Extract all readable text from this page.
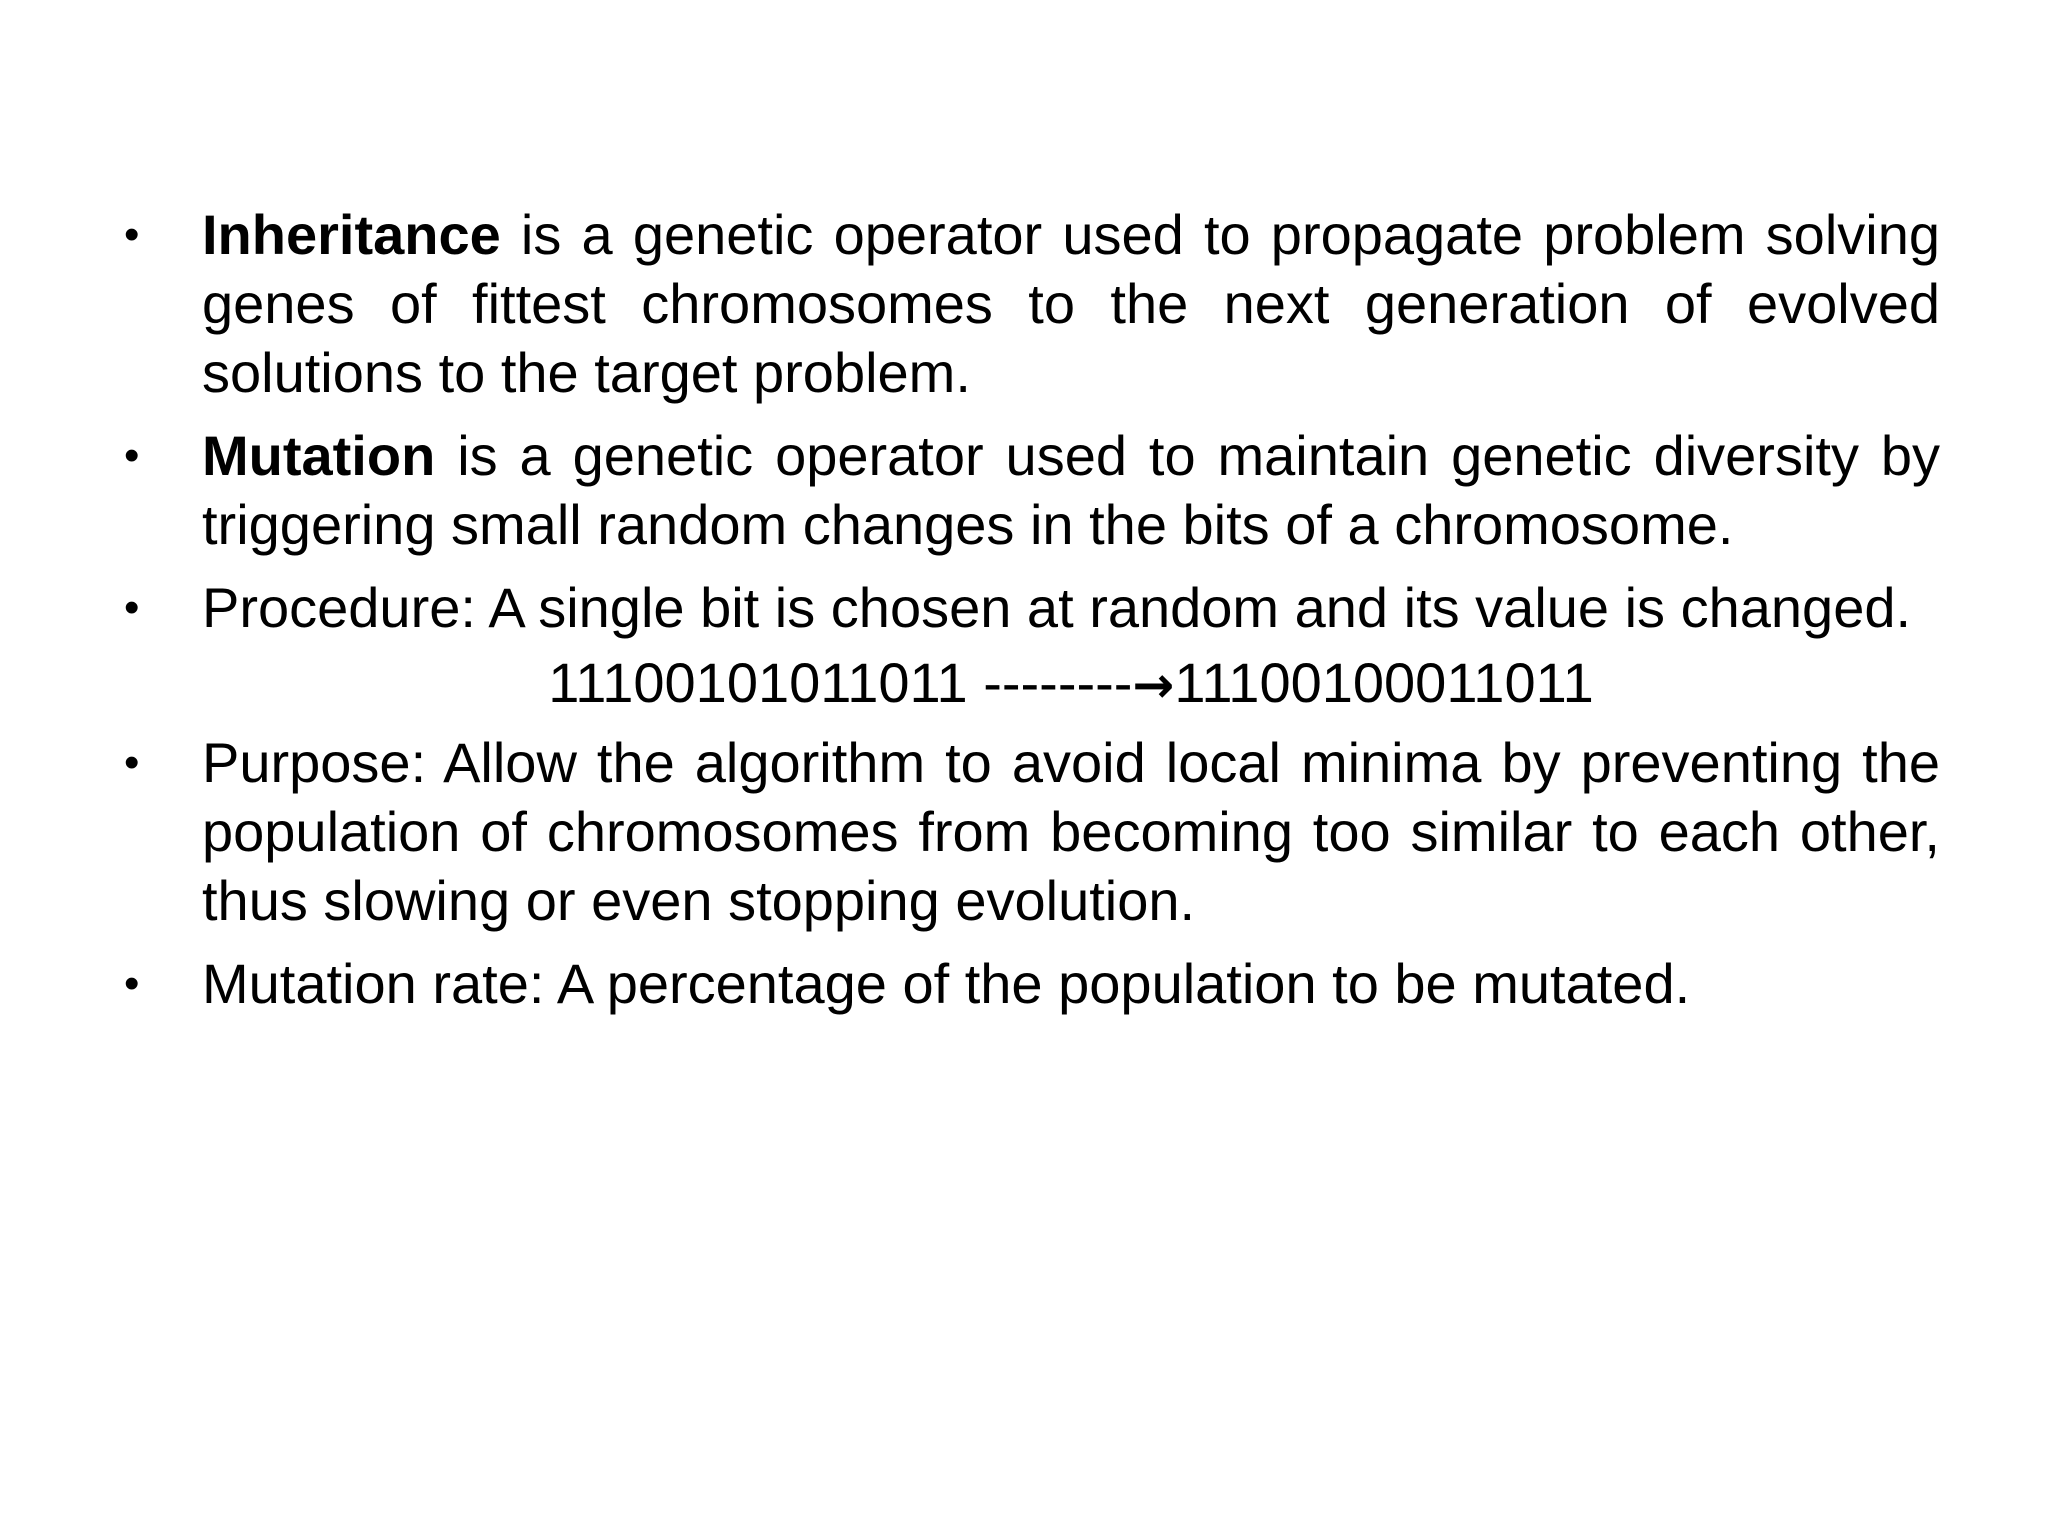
•	Inheritance is a genetic operator used to propagate problem solving genes of fittest chromosomes to the next generation of evolved solutions to the target problem.
•	Mutation is a genetic operator used to maintain genetic diversity by triggering small random changes in the bits of a chromosome.
•	Procedure: A single bit is chosen at random and its value is changed.
11100101011011 --------→11100100011011
•	Purpose: Allow the algorithm to avoid local minima by preventing the population of chromosomes from becoming too similar to each other, thus slowing or even stopping evolution.
•	Mutation rate: A percentage of the population to be mutated.
